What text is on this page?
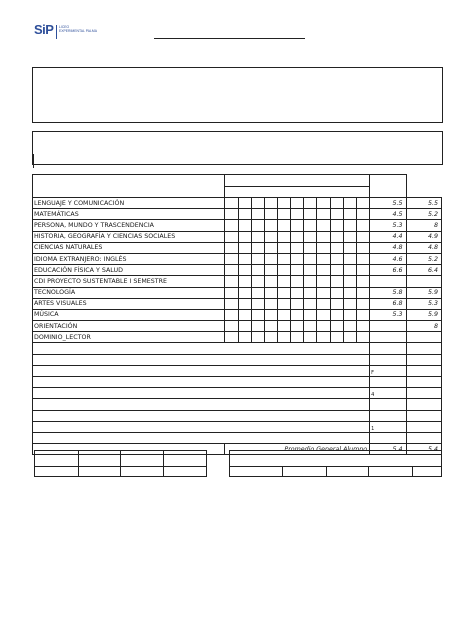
SiP LICEO
EXPERIMENTAL PALMA

LENGUAJE Y COMUNICACIÓN												5.5	5.5
MATEMÁTICAS												4.5	5.2
PERSONA, MUNDO Y TRASCENDENCIA												5.3	8
HISTORIA, GEOGRAFÍA Y CIENCIAS SOCIALES												4.4	4.9
CIENCIAS NATURALES												4.8	4.8
IDIOMA EXTRANJERO: INGLÉS												4.6	5.2
EDUCACIÓN FÍSICA Y SALUD												6.6	6.4
CDI PROYECTO SUSTENTABLE I SEMESTRE													
TECNOLOGÍA												5.8	5.9
ARTES VISUALES												6.8	5.3
MÚSICA												5.3	5.9
ORIENTACIÓN													8
DOMINIO_LECTOR													

												F	

												4	

												1	

	Promedio General Alumno											5.4	5.4
